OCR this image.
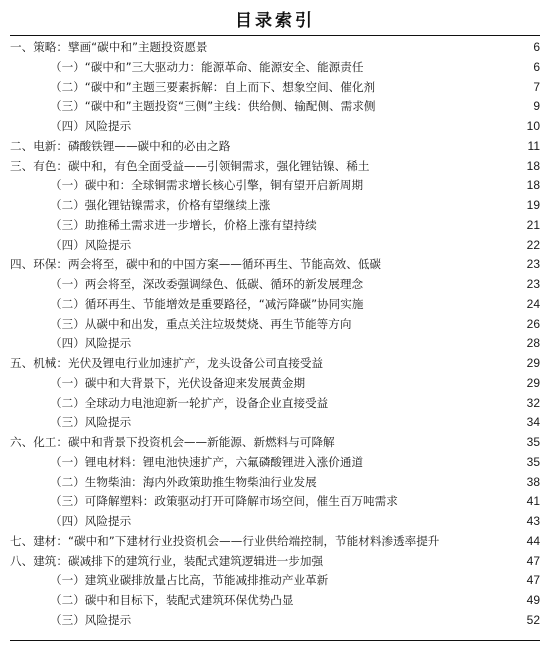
目录索引
一、策略：擘画“碳中和”主题投资愿景	6
（一）“碳中和”三大驱动力：能源革命、能源安全、能源责任	6
（二）“碳中和”主题三要素拆解：自上而下、想象空间、催化剂	7
（三）“碳中和”主题投资“三侧”主线：供给侧、输配侧、需求侧	9
（四）风险提示	10
二、电新：磷酸铁锂——碳中和的必由之路	11
三、有色：碳中和，有色全面受益——引领铜需求，强化锂钴镍、稀土	18
（一）碳中和：全球铜需求增长核心引擎，铜有望开启新周期	18
（二）强化锂钴镍需求，价格有望继续上涨	19
（三）助推稀土需求进一步增长，价格上涨有望持续	21
（四）风险提示	22
四、环保：两会将至，碳中和的中国方案——循环再生、节能高效、低碳	23
（一）两会将至，深改委强调绿色、低碳、循环的新发展理念	23
（二）循环再生、节能增效是重要路径，“减污降碳”协同实施	24
（三）从碳中和出发，重点关注垃圾焚烧、再生节能等方向	26
（四）风险提示	28
五、机械：光伏及锂电行业加速扩产，龙头设备公司直接受益	29
（一）碳中和大背景下，光伏设备迎来发展黄金期	29
（二）全球动力电池迎新一轮扩产，设备企业直接受益	32
（三）风险提示	34
六、化工：碳中和背景下投资机会——新能源、新燃料与可降解	35
（一）锂电材料：锂电池快速扩产，六氟磷酸锂进入涨价通道	35
（二）生物柴油：海内外政策助推生物柴油行业发展	38
（三）可降解塑料：政策驱动打开可降解市场空间，催生百万吨需求	41
（四）风险提示	43
七、建材：“碳中和”下建材行业投资机会——行业供给端控制，节能材料渗透率提升	44
八、建筑：碳减排下的建筑行业，装配式建筑逻辑进一步加强	47
（一）建筑业碳排放量占比高，节能减排推动产业革新	47
（二）碳中和目标下，装配式建筑环保优势凸显	49
（三）风险提示	52
